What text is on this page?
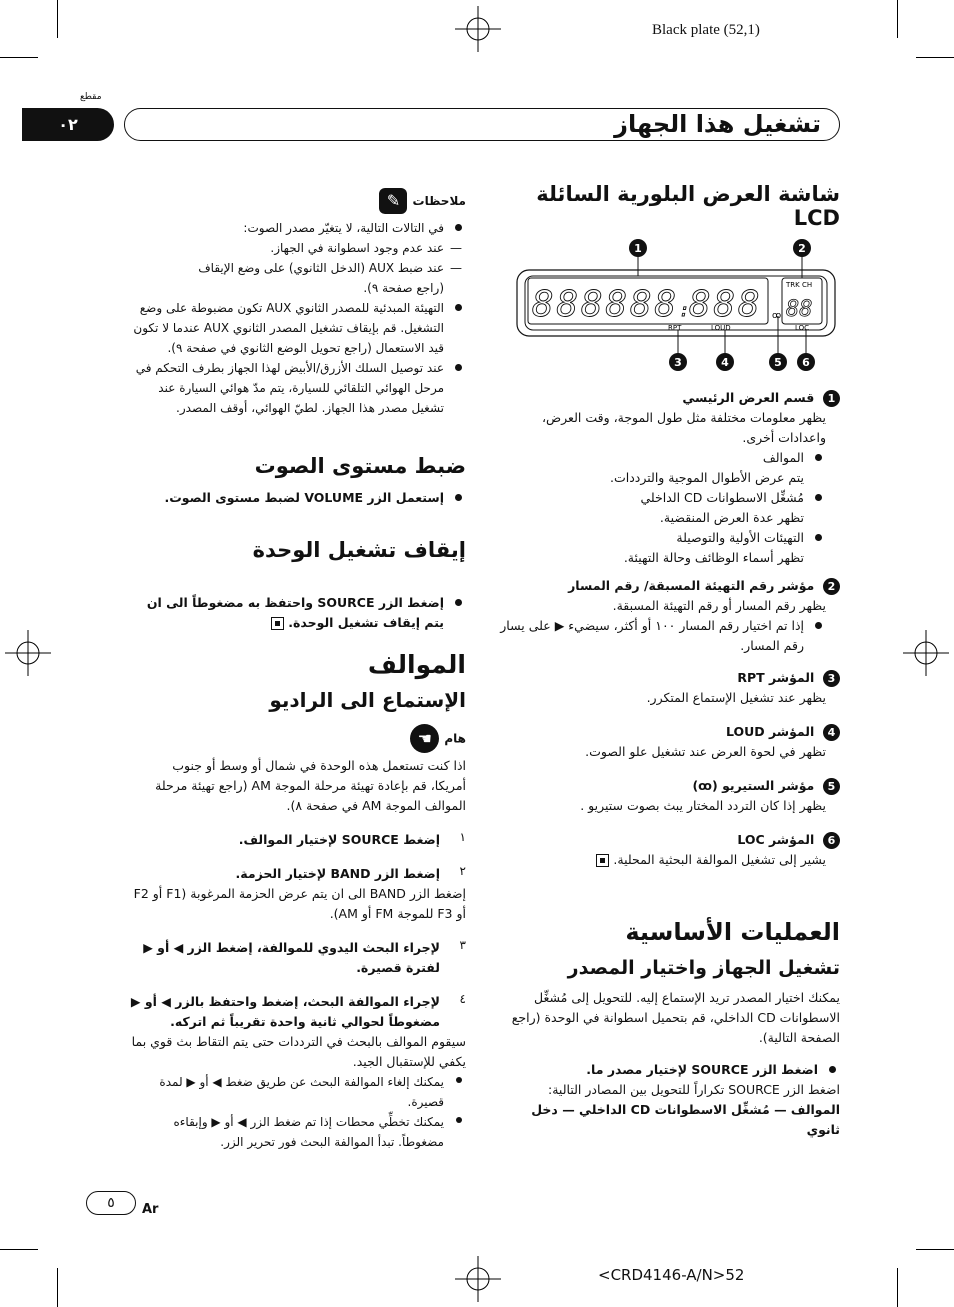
Black plate (52,1)
مقطع
٠٢	تشغيل هذا الجهاز
شاشة العرض البلورية السائلة LCD
1	2
3	4	5 6
8 8 8 8 8 8 : 8 8 8	TRK CH
RPT	LOUD	LOC
ꝏ 88
1  قسم العرض الرئيسي
يظهر معلومات مختلفة مثل طول الموجة، وقت العرض،
واعدادات أخرى.
الموالف
يتم عرض الأطوال الموجية والترددات.
مُشغِّل الاسطوانات CD الداخلي
تظهر عدة العرض المنقضية.
التهيئات الأولية والتوصيلة
تظهر أسماء الوظائف وحالة التهيئة.
2  مؤشر رقم التهيئة المسبقة/ رقم المسار
يظهر رقم المسار أو رقم التهيئة المسبقة.
إذا تم اختيار رقم المسار ١٠٠ أو أكثر، سيضيء ▶ على يسار رقم المسار.
3  المؤشر RPT
يظهر عند تشغيل الإستماع المتكرر.
4  المؤشر LOUD
تظهر في لحوة العرض عند تشغيل علو الصوت.
5  مؤشر الستيريو (ꝏ)
يظهر إذا كان التردد المختار يبث بصوت ستيريو .
6  المؤشر LOC
يشير إلى تشغيل الموالفة البحثية المحلية.
العمليات الأساسية
تشغيل الجهاز واختيار المصدر
يمكنك اختيار المصدر ترید الإستماع إليه. للتحويل إلى مُشغِّل الاسطوانات CD الداخلي، قم بتحميل اسطوانة في الوحدة (راجع الصفحة التالية).
اضغط الزر SOURCE لإختيار مصدر ما.
اضغط الزر SOURCE تكراراً للتحويل بين المصادر التالية:
الموالف — مُشغِّل الاسطوانات CD الداخلي — دخل ثانوي
ملاحظات ✎
في التالات التالية، لا يتغيّر مصدر الصوت:
—
عند عدم وجود اسطوانة في الجهاز.
—
عند ضبط AUX (الدخل الثانوي) على وضع الإيقاف
(راجع صفحة ٩).
التهيئة المبدئية للمصدر الثانوي AUX تكون مضبوطة على وضع التشغيل. قم بإيقاف تشغيل المصدر الثانوي AUX عندما لا تكون قيد الاستعمال (راجع تحويل الوضع الثانوي في صفحة ٩).
عند توصيل السلك الأزرق/الأبيض لهذا الجهاز بطرف التحكم في مرحل الهوائي التلقائي للسيارة، يتم مدّ هوائي السيارة عند تشغيل مصدر هذا الجهاز. لطيّ الهوائي، أوقف المصدر.
ضبط مستوى الصوت
إستعمل الزر VOLUME لضبط مستوى الصوت.
إيقاف تشغيل الوحدة
إضغط الزر SOURCE واحتفظ به مضغوطاً الى ان يتم إيقاف تشغيل الوحدة.
الموالف
الإستماع الى الراديو
هام ☚
اذا كنت تستعمل هذه الوحدة في شمال أو وسط أو جنوب أمريكا، قم بإعادة تهيئة مرحلة الموجة AM (راجع تهيئة مرحلة الموالف الموجة AM في صفحة ٨).
١
إضغط SOURCE لإختيار الموالف.
٢
إضغط الزر BAND لإختيار الحزمة.
إضغط الزر BAND الى ان يتم عرض الحزمة المرغوبة (F1 أو F2 أو F3 للموجة FM أو AM).
٣
لإجراء البحث اليدوي للموالفة، إضغط الزر ◀ أو ▶ لفترة قصيرة.
٤
لإجراء الموالفة البحث، إضغط واحتفظ بالزر ◀ أو ▶ مضغوطاً لحوالي ثانية واحدة تقريباً ثم اتركه.
سيقوم الموالف بالبحث في الترددات حتى يتم التقاط بث قوي بما يكفي للإستقبال الجيد.
يمكنك إلغاء الموالفة البحث عن طريق ضغط ◀ أو ▶ لمدة قصيرة.
يمكنك تخطِّي محطات إذا تم ضغط الزر ◀ أو ▶ وإبقاءه مضغوطاً. تبدأ الموالفة البحث فور تحرير الزر.
٥	Ar
<CRD4146-A/N>52
